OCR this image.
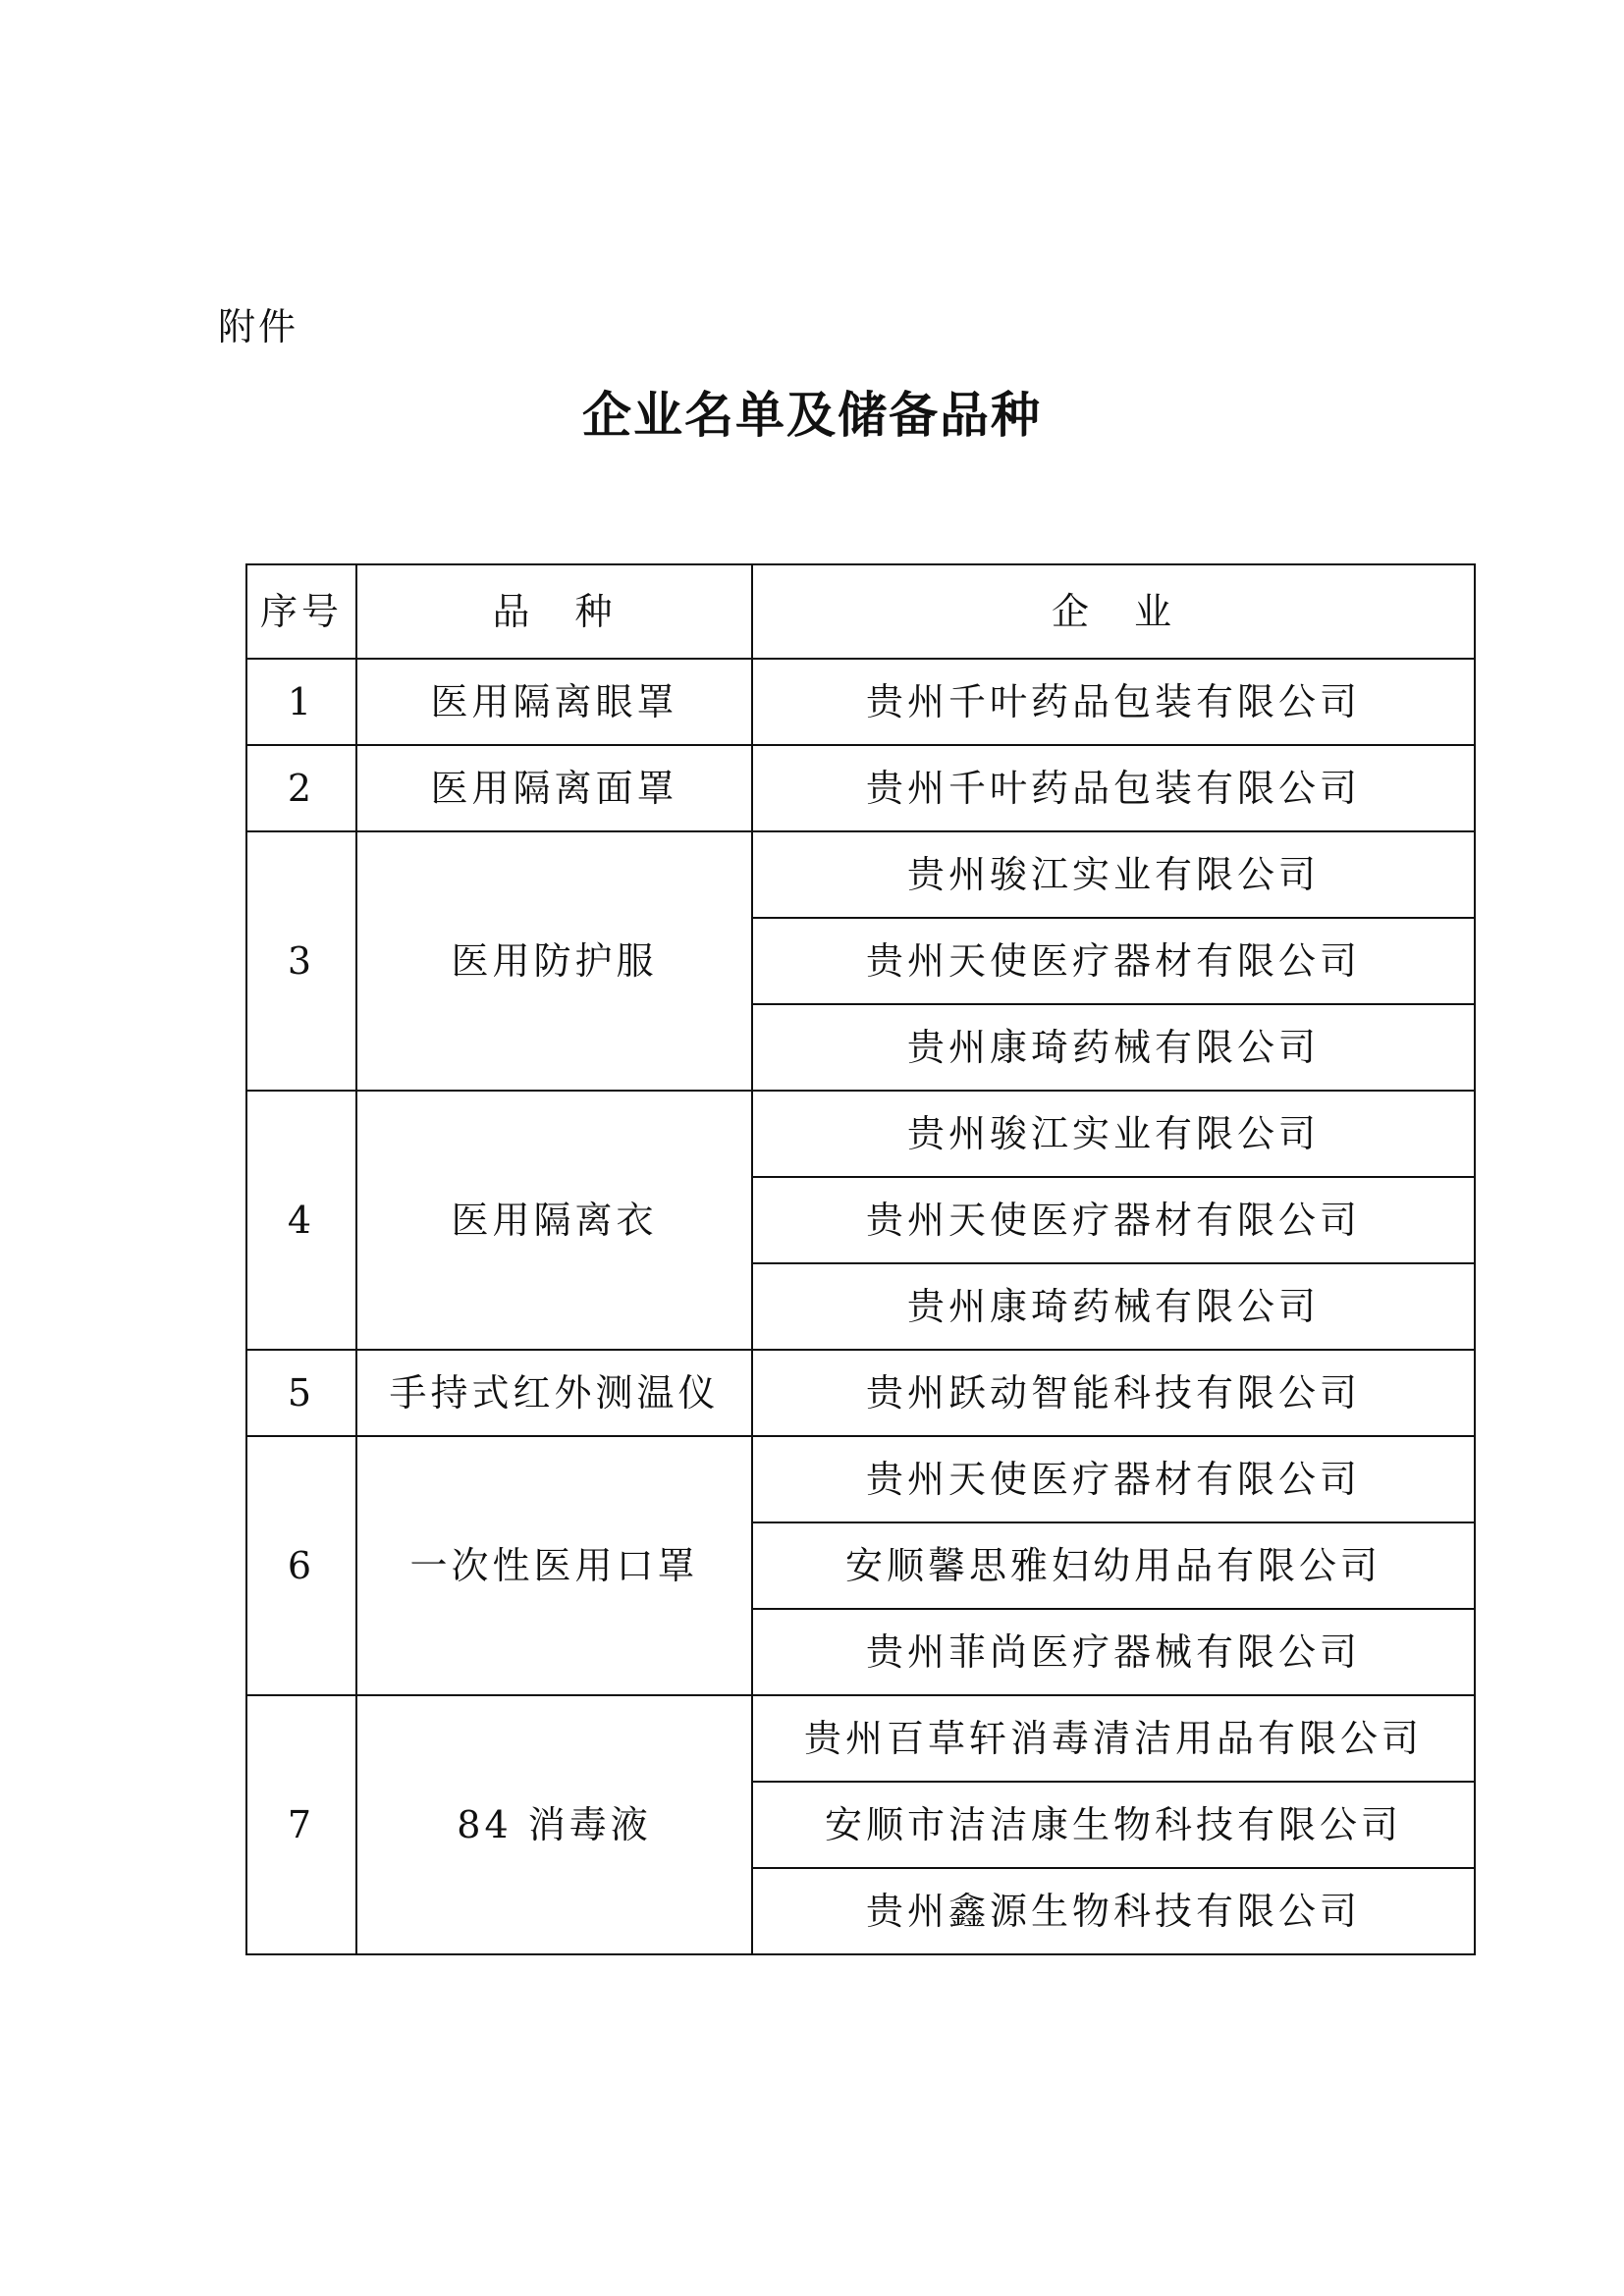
附件
企业名单及储备品种
序号	品　种	企　业
1	医用隔离眼罩	贵州千叶药品包装有限公司
2	医用隔离面罩	贵州千叶药品包装有限公司
3	医用防护服	贵州骏江实业有限公司
		贵州天使医疗器材有限公司
		贵州康琦药械有限公司
4	医用隔离衣	贵州骏江实业有限公司
		贵州天使医疗器材有限公司
		贵州康琦药械有限公司
5	手持式红外测温仪	贵州跃动智能科技有限公司
6	一次性医用口罩	贵州天使医疗器材有限公司
		安顺馨思雅妇幼用品有限公司
		贵州菲尚医疗器械有限公司
7	84 消毒液	贵州百草轩消毒清洁用品有限公司
		安顺市洁洁康生物科技有限公司
		贵州鑫源生物科技有限公司
